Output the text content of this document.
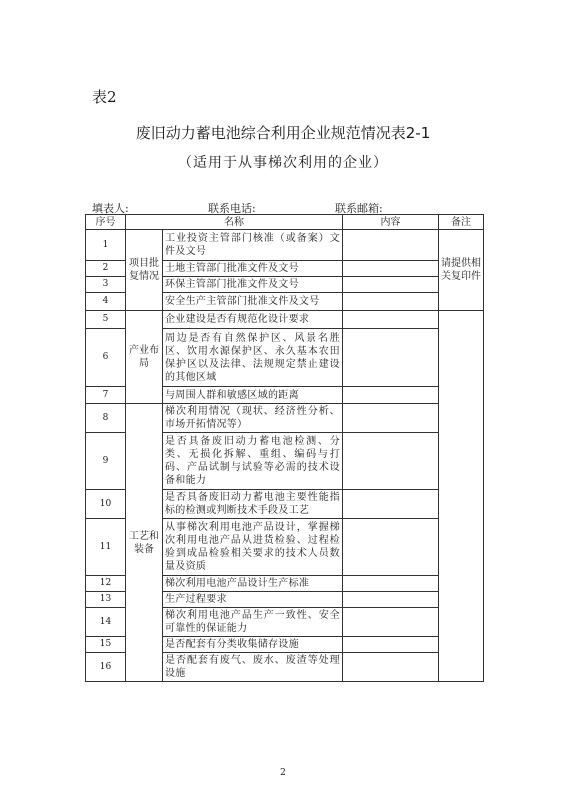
表2
废旧动力蓄电池综合利用企业规范情况表2-1
（适用于从事梯次利用的企业）
填表人:	联系电话:	联系邮箱:
序号	名称		内容	备注
1	项目批复情况	工业投资主管部门核准（或备案）文件及文号		请提供相关复印件
2		土地主管部门批准文件及文号		
3		环保主管部门批准文件及文号		
4		安全生产主管部门批准文件及文号		
5	产业布局	企业建设是否有规范化设计要求		
6		周边是否有自然保护区、风景名胜区、饮用水源保护区、永久基本农田保护区以及法律、法规规定禁止建设的其他区域		
7		与周围人群和敏感区域的距离		
8	工艺和装备	梯次利用情况（现状、经济性分析、市场开拓情况等）		
9		是否具备废旧动力蓄电池检测、分类、无损化拆解、重组、编码与打码、产品试制与试验等必需的技术设备和能力		
10		是否具备废旧动力蓄电池主要性能指标的检测或判断技术手段及工艺		
11		从事梯次利用电池产品设计，掌握梯次利用电池产品从进货检验、过程检验到成品检验相关要求的技术人员数量及资质		
12		梯次利用电池产品设计生产标准		
13		生产过程要求		
14		梯次利用电池产品生产一致性、安全可靠性的保证能力		
15		是否配套有分类收集储存设施		
16		是否配套有废气、废水、废渣等处理设施		
2
